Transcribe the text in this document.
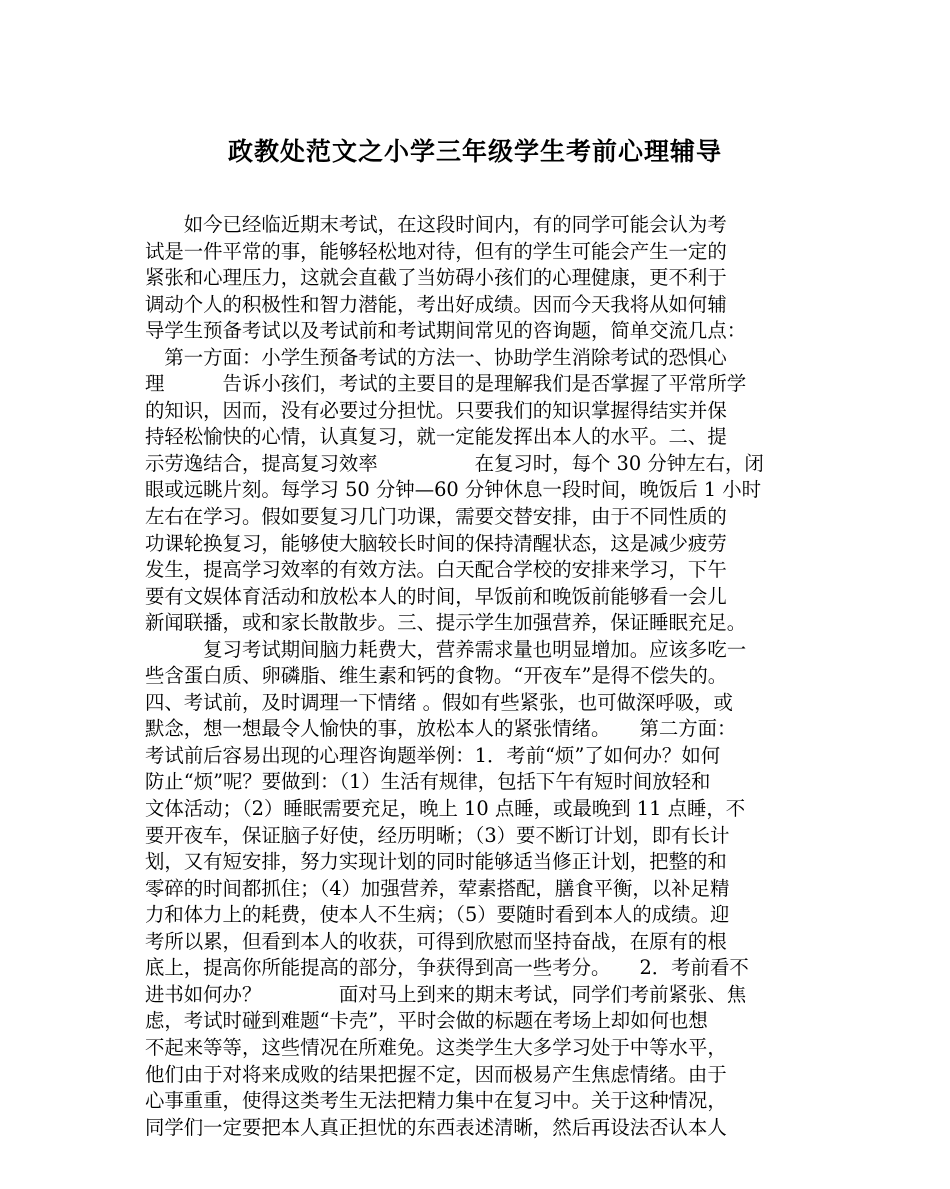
政教处范文之小学三年级学生考前心理辅导
　　如今已经临近期末考试，在这段时间内，有的同学可能会认为考
试是一件平常的事，能够轻松地对待，但有的学生可能会产生一定的
紧张和心理压力，这就会直截了当妨碍小孩们的心理健康，更不利于
调动个人的积极性和智力潜能，考出好成绩。因而今天我将从如何辅
导学生预备考试以及考试前和考试期间常见的咨询题，简单交流几点：
　第一方面：小学生预备考试的方法一、协助学生消除考试的恐惧心
理　　　告诉小孩们，考试的主要目的是理解我们是否掌握了平常所学
的知识，因而，没有必要过分担忧。只要我们的知识掌握得结实并保
持轻松愉快的心情，认真复习，就一定能发挥出本人的水平。二、提
示劳逸结合，提高复习效率　　　　　在复习时，每个 30 分钟左右，闭
眼或远眺片刻。每学习 50 分钟—60 分钟休息一段时间，晚饭后 1 小时
左右在学习。假如要复习几门功课，需要交替安排，由于不同性质的
功课轮换复习，能够使大脑较长时间的保持清醒状态，这是减少疲劳
发生，提高学习效率的有效方法。白天配合学校的安排来学习，下午
要有文娱体育活动和放松本人的时间，早饭前和晚饭前能够看一会儿
新闻联播，或和家长散散步。三、提示学生加强营养，保证睡眠充足。
　　　复习考试期间脑力耗费大，营养需求量也明显增加。应该多吃一
些含蛋白质、卵磷脂、维生素和钙的食物。“开夜车”是得不偿失的。
四、考试前，及时调理一下情绪 。假如有些紧张，也可做深呼吸，或
默念，想一想最令人愉快的事，放松本人的紧张情绪。　　第二方面：
考试前后容易出现的心理咨询题举例：1．考前“烦”了如何办？如何
防止“烦”呢？要做到：（1）生活有规律，包括下午有短时间放轻和
文体活动；（2）睡眠需要充足，晚上 10 点睡，或最晚到 11 点睡，不
要开夜车，保证脑子好使，经历明晰；（3）要不断订计划，即有长计
划，又有短安排，努力实现计划的同时能够适当修正计划，把整的和
零碎的时间都抓住；（4）加强营养，荤素搭配，膳食平衡，以补足精
力和体力上的耗费，使本人不生病；（5）要随时看到本人的成绩。迎
考所以累，但看到本人的收获，可得到欣慰而坚持奋战，在原有的根
底上，提高你所能提高的部分，争获得到高一些考分。　　2．考前看不
进书如何办？　　　　面对马上到来的期末考试，同学们考前紧张、焦
虑，考试时碰到难题“卡壳”，平时会做的标题在考场上却如何也想
不起来等等，这些情况在所难免。这类学生大多学习处于中等水平，
他们由于对将来成败的结果把握不定，因而极易产生焦虑情绪。由于
心事重重，使得这类考生无法把精力集中在复习中。关于这种情况，
同学们一定要把本人真正担忧的东西表述清晰，然后再设法否认本人
